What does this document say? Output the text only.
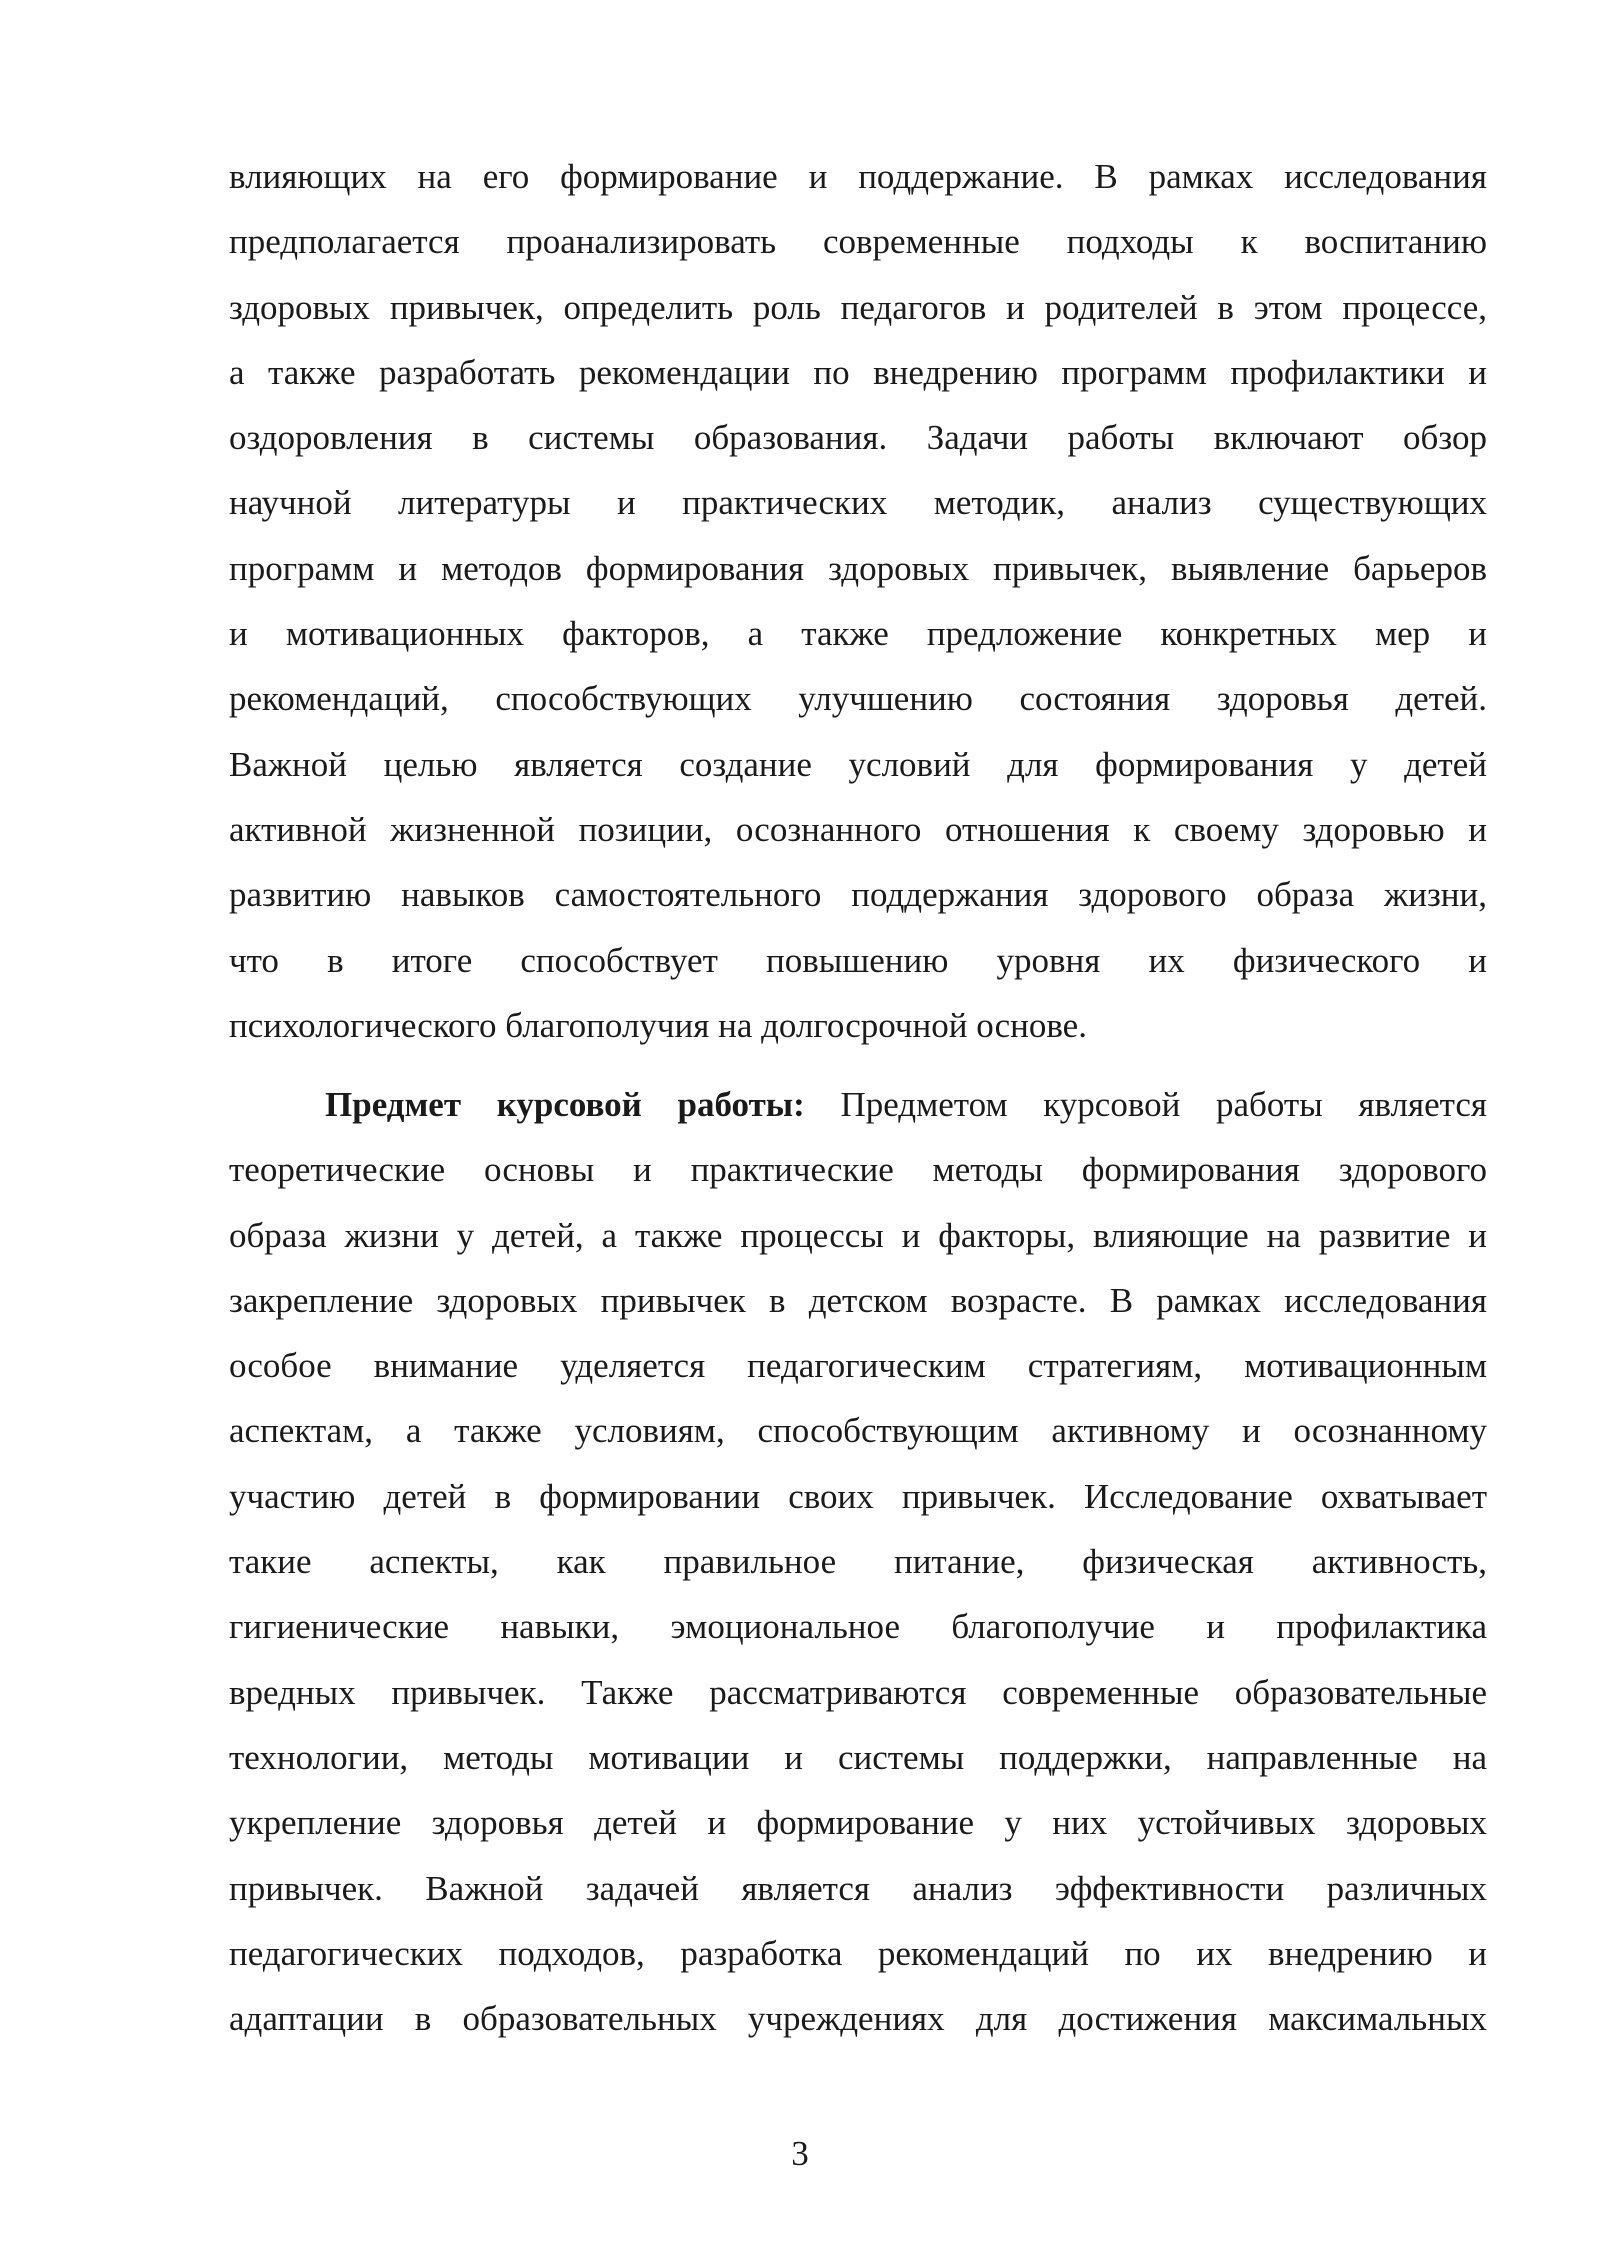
влияющих на его формирование и поддержание. В рамках исследования
предполагается проанализировать современные подходы к воспитанию
здоровых привычек, определить роль педагогов и родителей в этом процессе,
а также разработать рекомендации по внедрению программ профилактики и
оздоровления в системы образования. Задачи работы включают обзор
научной литературы и практических методик, анализ существующих
программ и методов формирования здоровых привычек, выявление барьеров
и мотивационных факторов, а также предложение конкретных мер и
рекомендаций, способствующих улучшению состояния здоровья детей.
Важной целью является создание условий для формирования у детей
активной жизненной позиции, осознанного отношения к своему здоровью и
развитию навыков самостоятельного поддержания здорового образа жизни,
что в итоге способствует повышению уровня их физического и
психологического благополучия на долгосрочной основе.
Предмет курсовой работы: Предметом курсовой работы является
теоретические основы и практические методы формирования здорового
образа жизни у детей, а также процессы и факторы, влияющие на развитие и
закрепление здоровых привычек в детском возрасте. В рамках исследования
особое внимание уделяется педагогическим стратегиям, мотивационным
аспектам, а также условиям, способствующим активному и осознанному
участию детей в формировании своих привычек. Исследование охватывает
такие аспекты, как правильное питание, физическая активность,
гигиенические навыки, эмоциональное благополучие и профилактика
вредных привычек. Также рассматриваются современные образовательные
технологии, методы мотивации и системы поддержки, направленные на
укрепление здоровья детей и формирование у них устойчивых здоровых
привычек. Важной задачей является анализ эффективности различных
педагогических подходов, разработка рекомендаций по их внедрению и
адаптации в образовательных учреждениях для достижения максимальных
3
